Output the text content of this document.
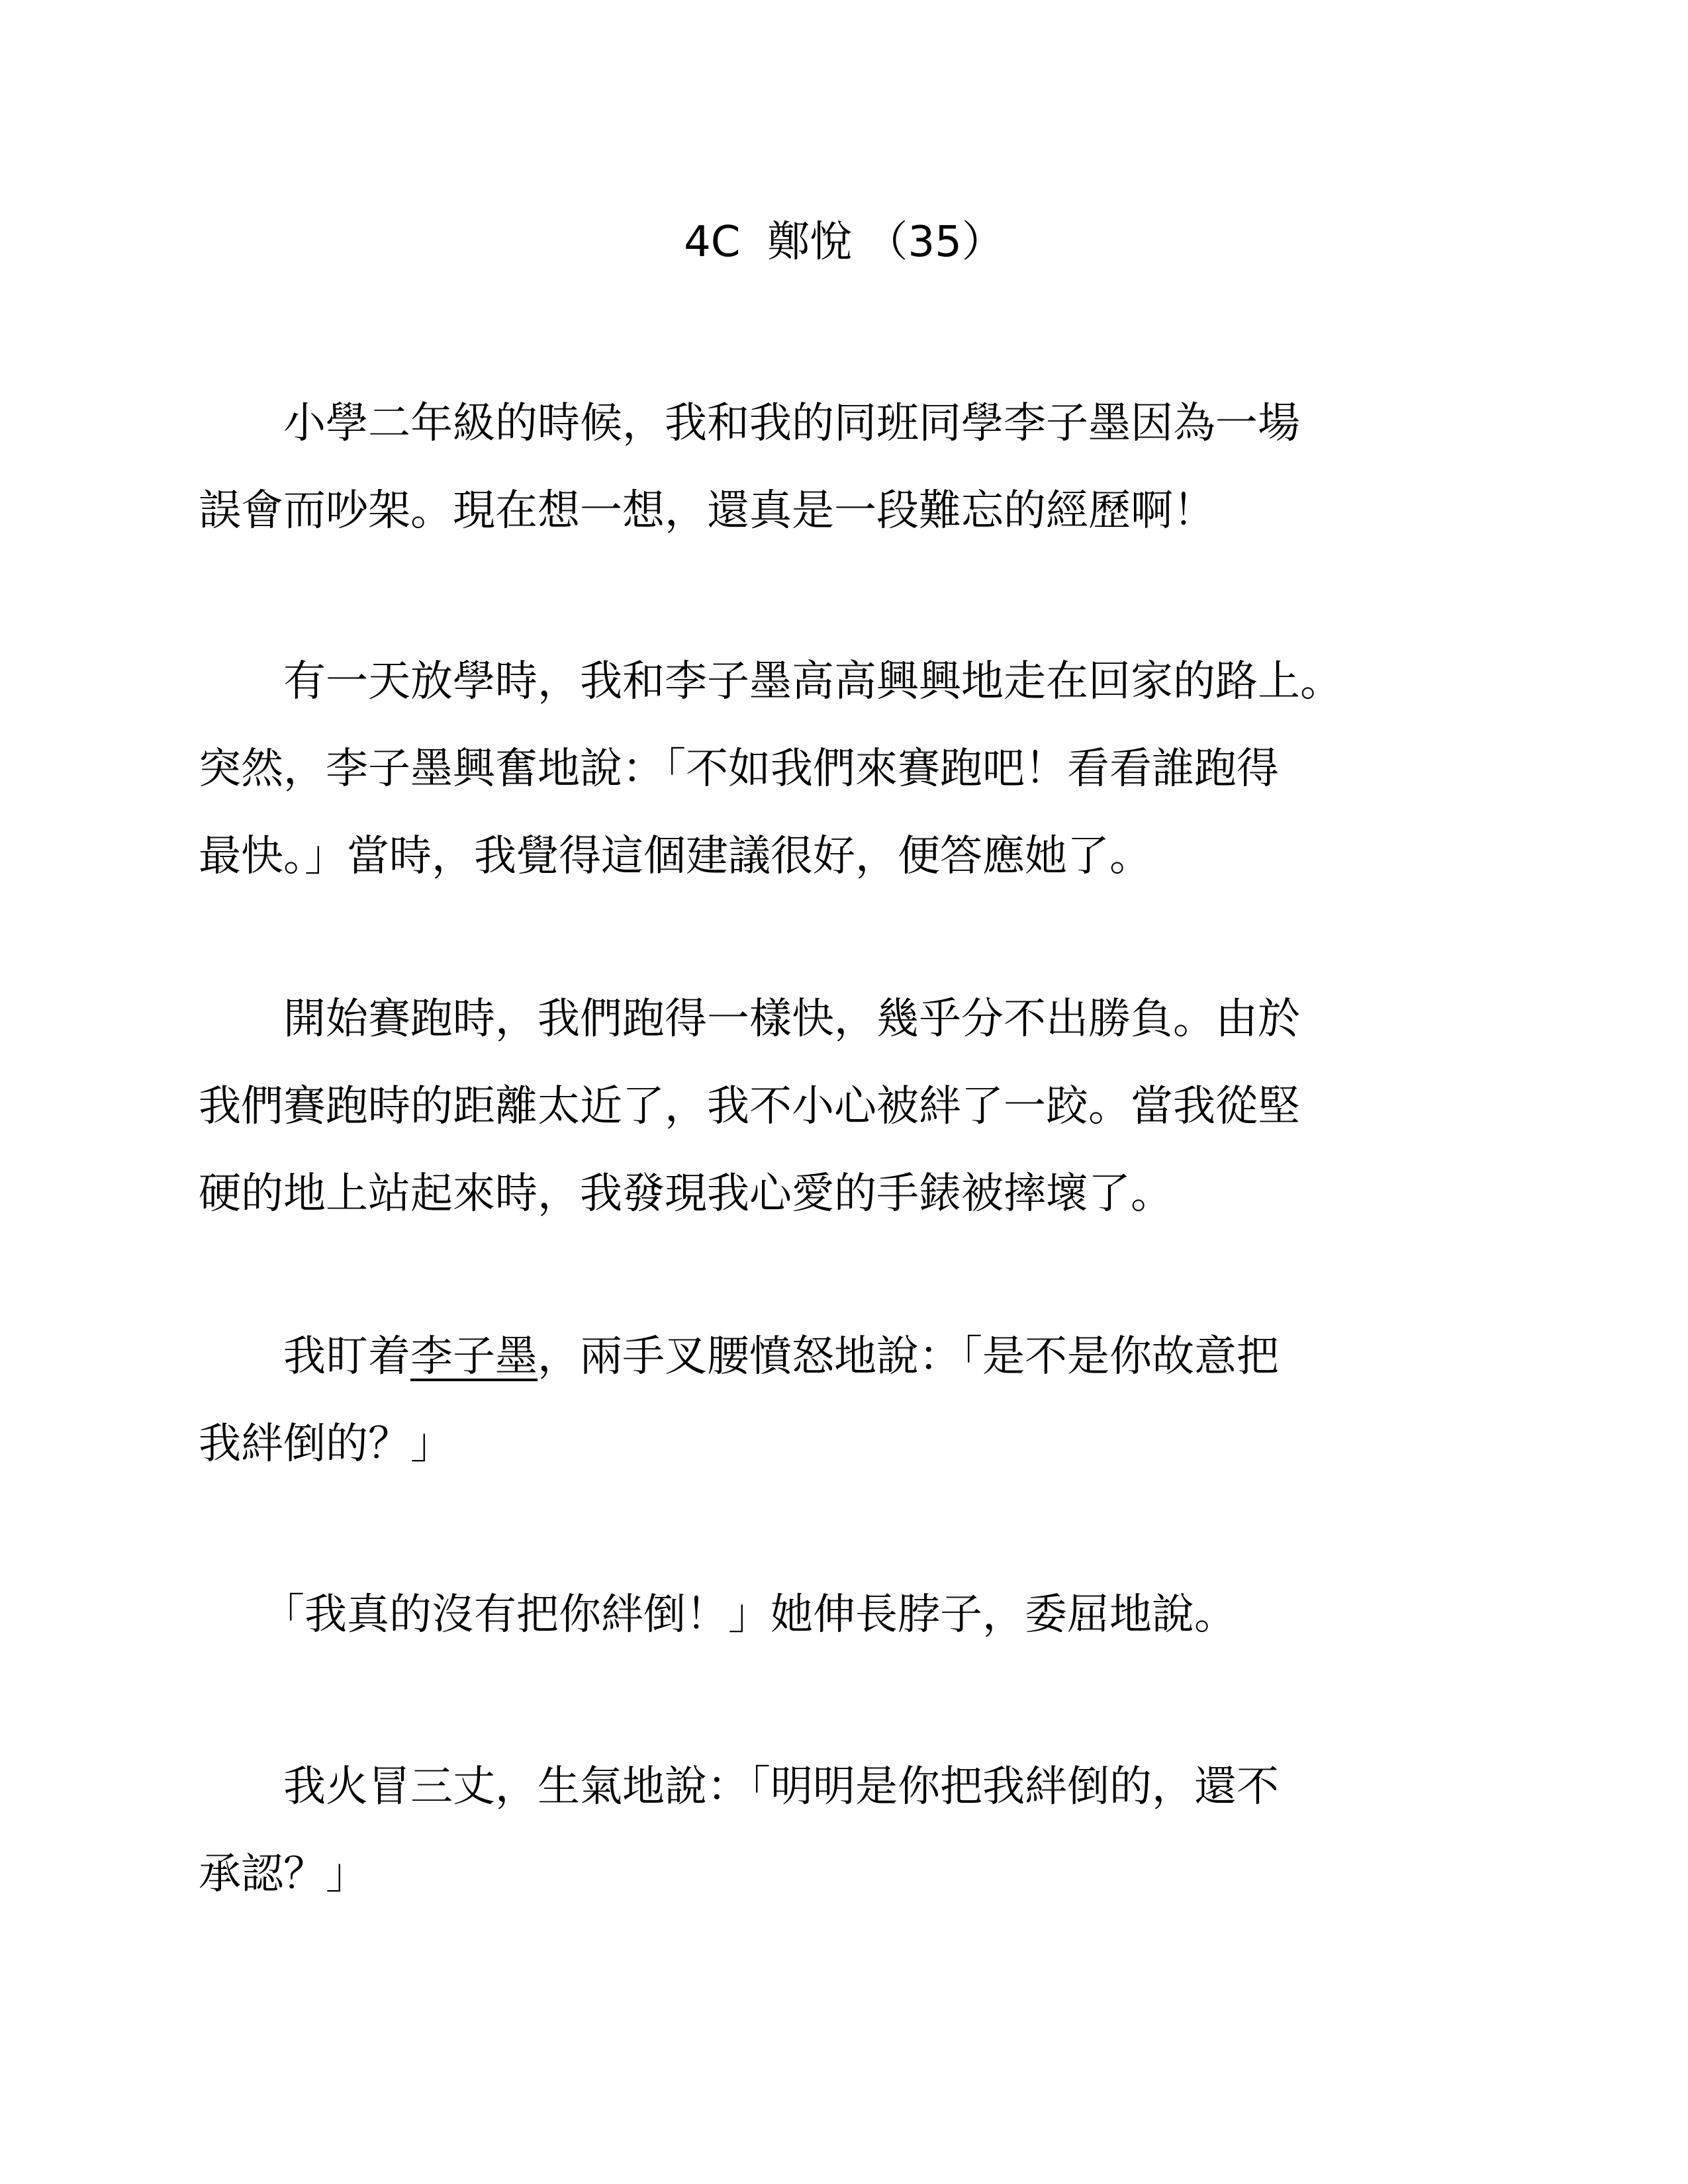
4C  鄭悅 （35）
　　小學二年級的時候，我和我的同班同學李子墨因為一場
誤會而吵架。現在想一想，還真是一段難忘的經歷啊！
　　有一天放學時，我和李子墨高高興興地走在回家的路上。
突然，李子墨興奮地說：「不如我們來賽跑吧！看看誰跑得
最快。」當時，我覺得這個建議很好，便答應她了。
　　開始賽跑時，我們跑得一樣快，幾乎分不出勝負。由於
我們賽跑時的距離太近了，我不小心被絆了一跤。當我從堅
硬的地上站起來時，我發現我心愛的手錶被摔壞了。
　　我盯着李子墨，兩手叉腰憤怒地說：「是不是你故意把
我絆倒的？」
　　「我真的沒有把你絆倒！」她伸長脖子，委屈地說。
　　我火冒三丈，生氣地說：「明明是你把我絆倒的，還不
承認？」
